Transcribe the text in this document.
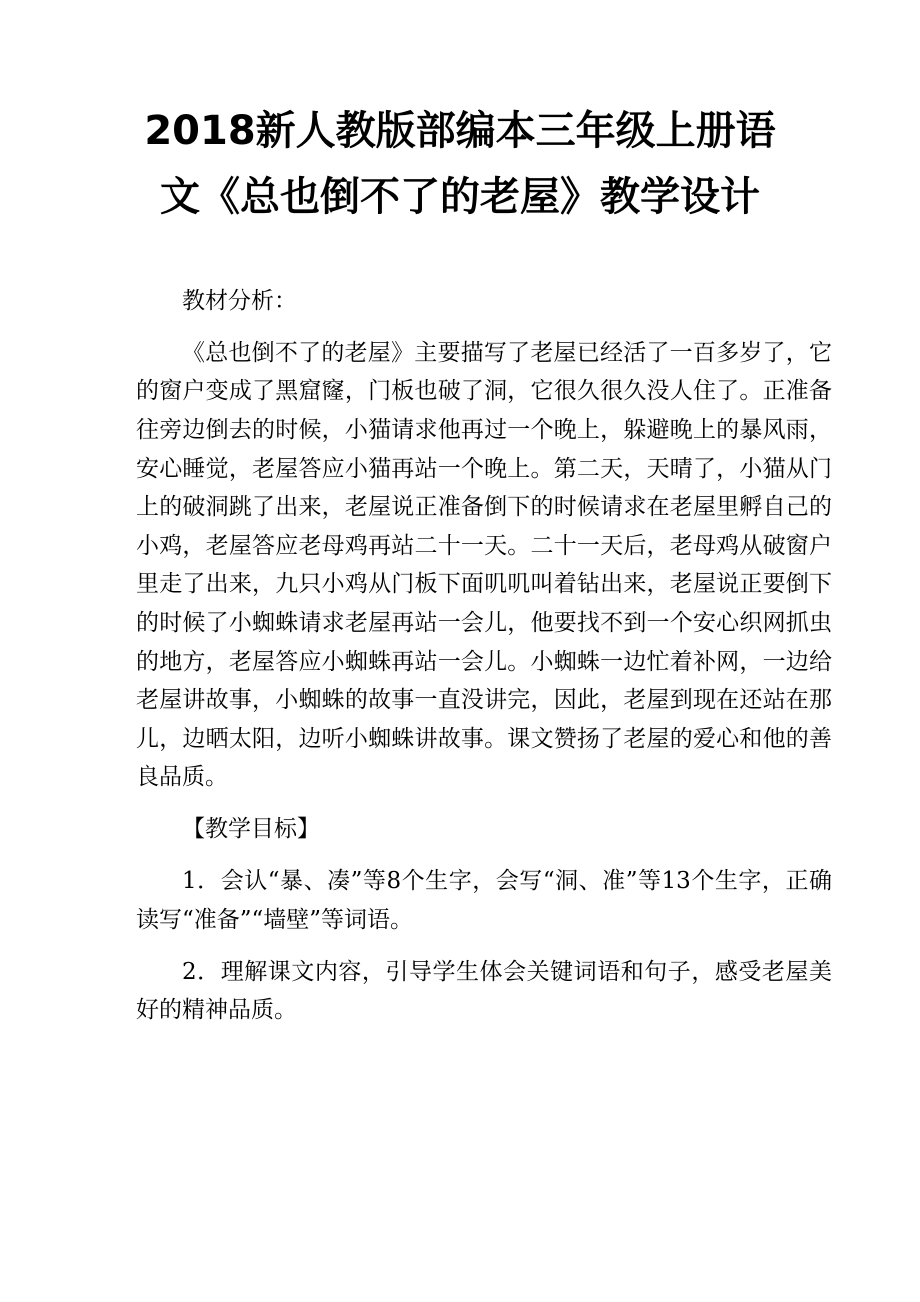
2018新人教版部编本三年级上册语
文《总也倒不了的老屋》教学设计

教材分析：

《总也倒不了的老屋》主要描写了老屋已经活了一百多岁了，它的窗户变成了黑窟窿，门板也破了洞，它很久很久没人住了。正准备往旁边倒去的时候，小猫请求他再过一个晚上，躲避晚上的暴风雨，安心睡觉，老屋答应小猫再站一个晚上。第二天，天晴了，小猫从门上的破洞跳了出来，老屋说正准备倒下的时候请求在老屋里孵自己的小鸡，老屋答应老母鸡再站二十一天。二十一天后，老母鸡从破窗户里走了出来，九只小鸡从门板下面叽叽叫着钻出来，老屋说正要倒下的时候了小蜘蛛请求老屋再站一会儿，他要找不到一个安心织网抓虫的地方，老屋答应小蜘蛛再站一会儿。小蜘蛛一边忙着补网，一边给老屋讲故事，小蜘蛛的故事一直没讲完，因此，老屋到现在还站在那儿，边晒太阳，边听小蜘蛛讲故事。课文赞扬了老屋的爱心和他的善良品质。

【教学目标】

1．会认“暴、凑”等8个生字，会写“洞、准”等13个生字，正确读写“准备”“墙壁”等词语。

2．理解课文内容，引导学生体会关键词语和句子，感受老屋美好的精神品质。
